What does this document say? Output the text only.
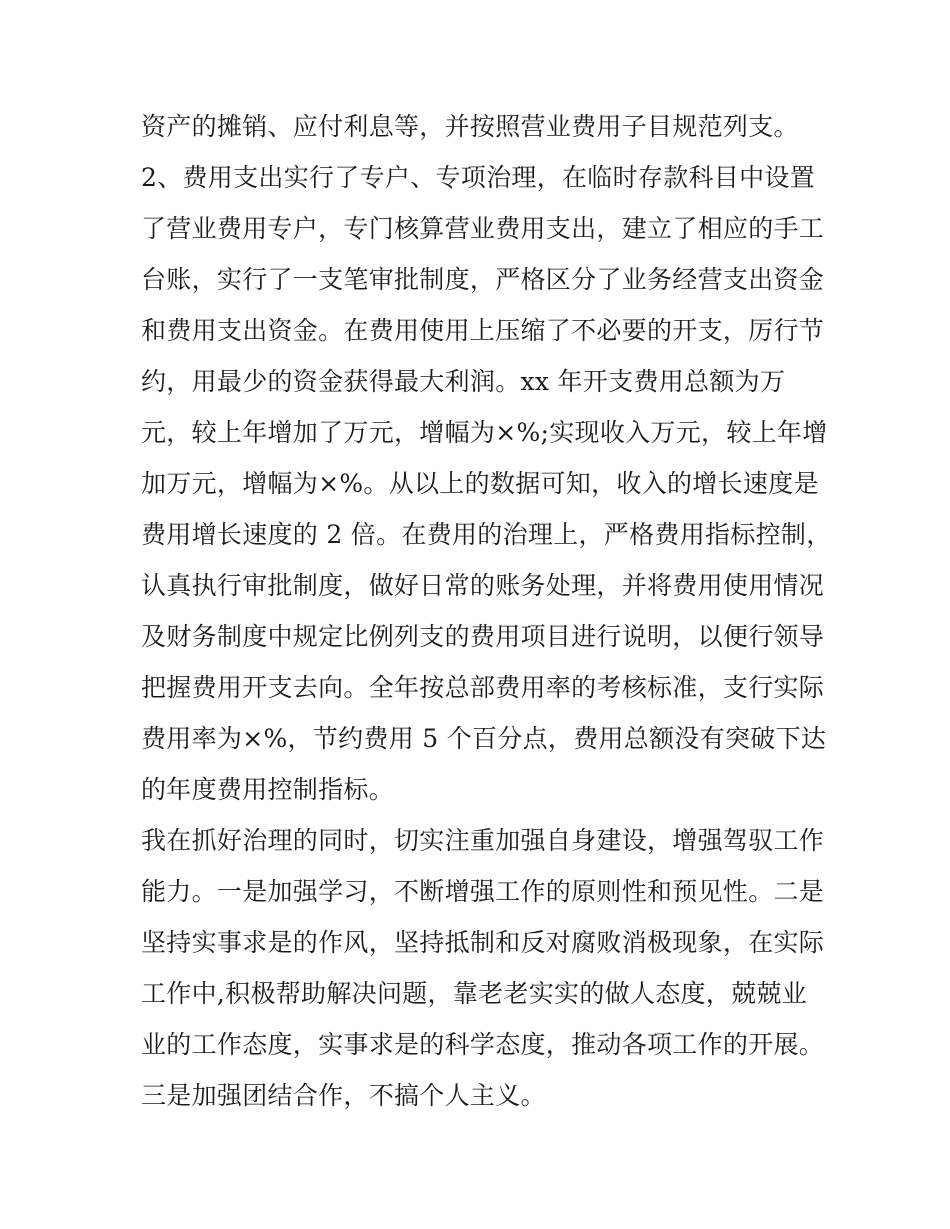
资产的摊销、应付利息等，并按照营业费用子目规范列支。
2、费用支出实行了专户、专项治理，在临时存款科目中设置
了营业费用专户，专门核算营业费用支出，建立了相应的手工
台账，实行了一支笔审批制度，严格区分了业务经营支出资金
和费用支出资金。在费用使用上压缩了不必要的开支，厉行节
约，用最少的资金获得最大利润。xx 年开支费用总额为万
元，较上年增加了万元，增幅为×%;实现收入万元，较上年增
加万元，增幅为×%。从以上的数据可知，收入的增长速度是
费用增长速度的 2 倍。在费用的治理上，严格费用指标控制，
认真执行审批制度，做好日常的账务处理，并将费用使用情况
及财务制度中规定比例列支的费用项目进行说明，以便行领导
把握费用开支去向。全年按总部费用率的考核标准，支行实际
费用率为×%，节约费用 5 个百分点，费用总额没有突破下达
的年度费用控制指标。
我在抓好治理的同时，切实注重加强自身建设，增强驾驭工作
能力。一是加强学习，不断增强工作的原则性和预见性。二是
坚持实事求是的作风，坚持抵制和反对腐败消极现象，在实际
工作中,积极帮助解决问题，靠老老实实的做人态度，兢兢业
业的工作态度，实事求是的科学态度，推动各项工作的开展。
三是加强团结合作，不搞个人主义。
